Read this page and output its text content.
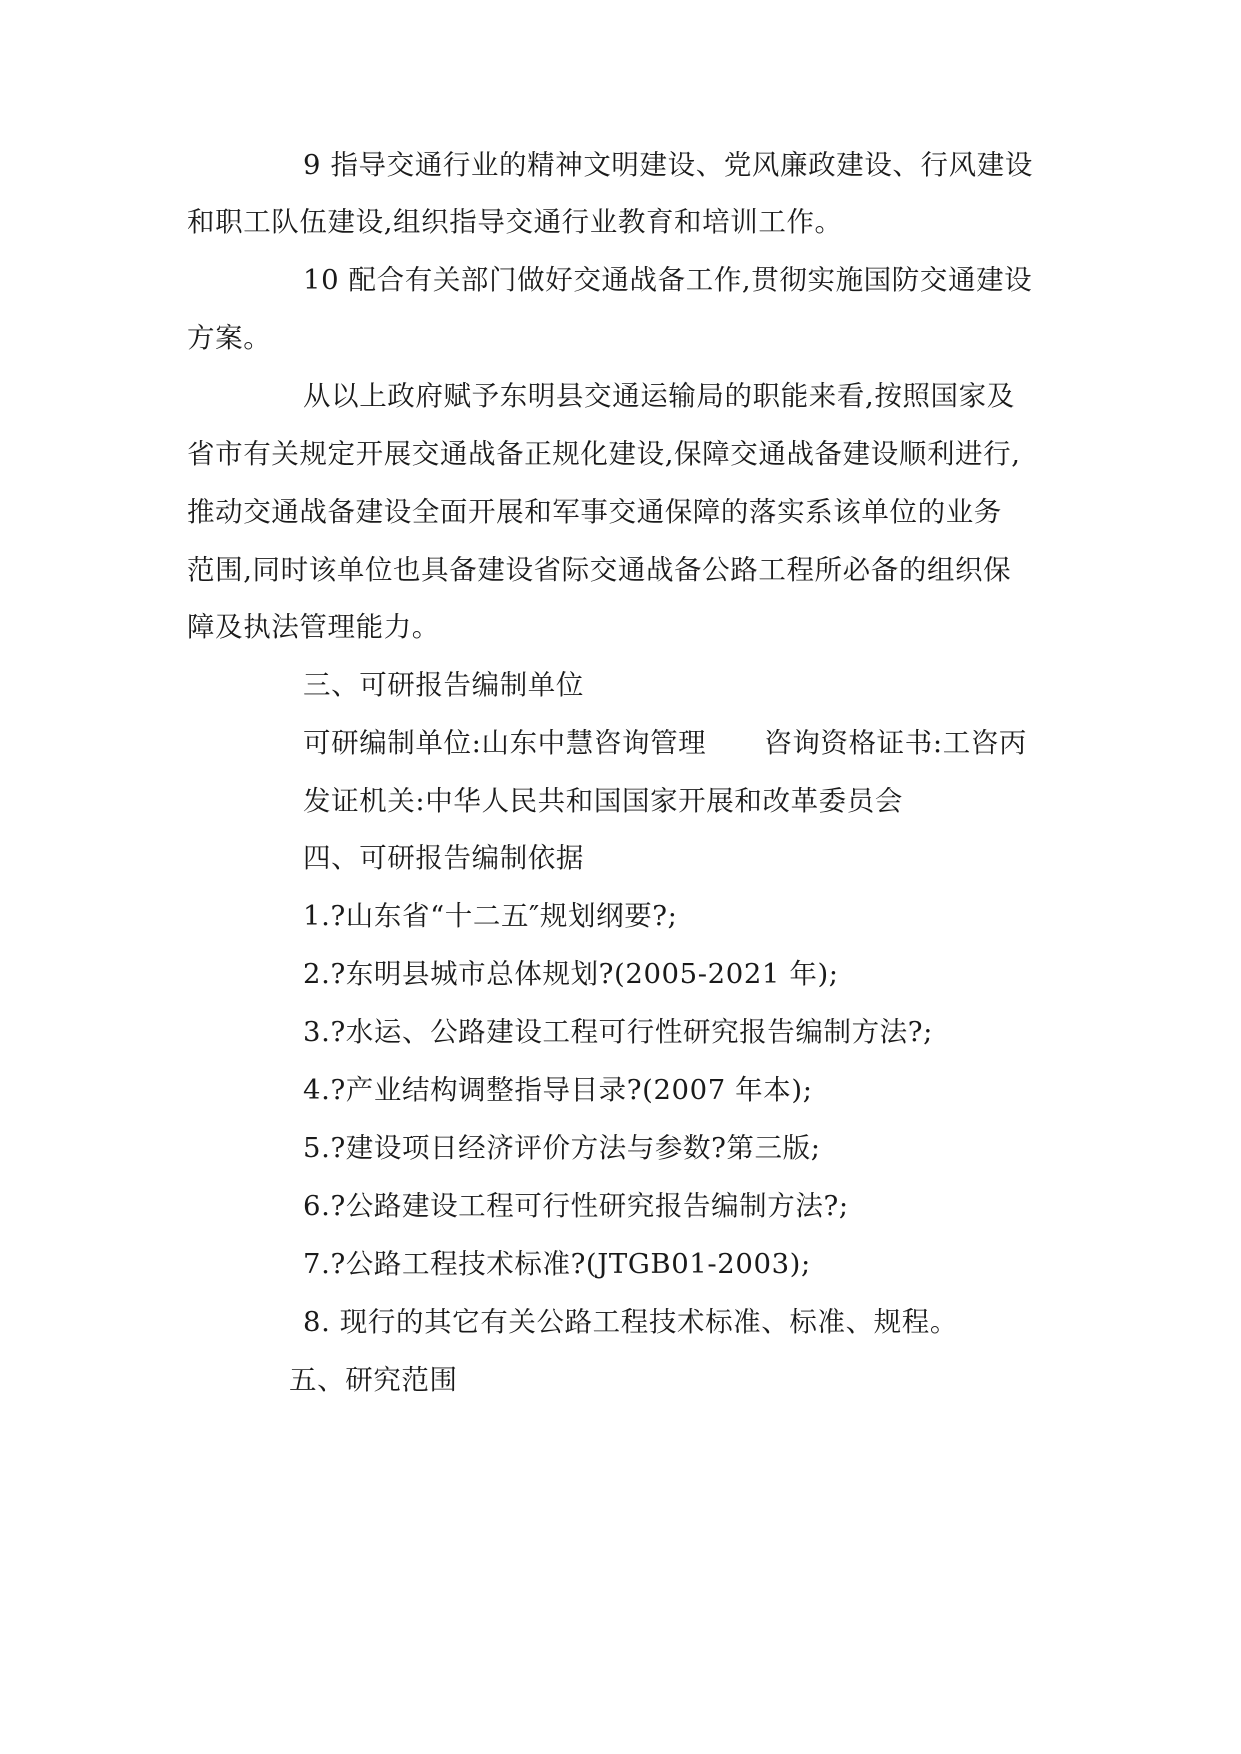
9 指导交通行业的精神文明建设、党风廉政建设、行风建设
和职工队伍建设,组织指导交通行业教育和培训工作。
10 配合有关部门做好交通战备工作,贯彻实施国防交通建设
方案。
从以上政府赋予东明县交通运输局的职能来看,按照国家及
省市有关规定开展交通战备正规化建设,保障交通战备建设顺利进行,
推动交通战备建设全面开展和军事交通保障的落实系该单位的业务
范围,同时该单位也具备建设省际交通战备公路工程所必备的组织保
障及执法管理能力。
三、可研报告编制单位
可研编制单位:山东中慧咨询管理 咨询资格证书:工咨丙
发证机关:中华人民共和国国家开展和改革委员会
四、可研报告编制依据
1.?山东省“十二五″规划纲要?;
2.?东明县城市总体规划?(2005-2021 年);
3.?水运、公路建设工程可行性研究报告编制方法?;
4.?产业结构调整指导目录?(2007 年本);
5.?建设项日经济评价方法与参数?第三版;
6.?公路建设工程可行性研究报告编制方法?;
7.?公路工程技术标准?(JTGB01-2003);
8. 现行的其它有关公路工程技术标准、标准、规程。
五、研究范围
